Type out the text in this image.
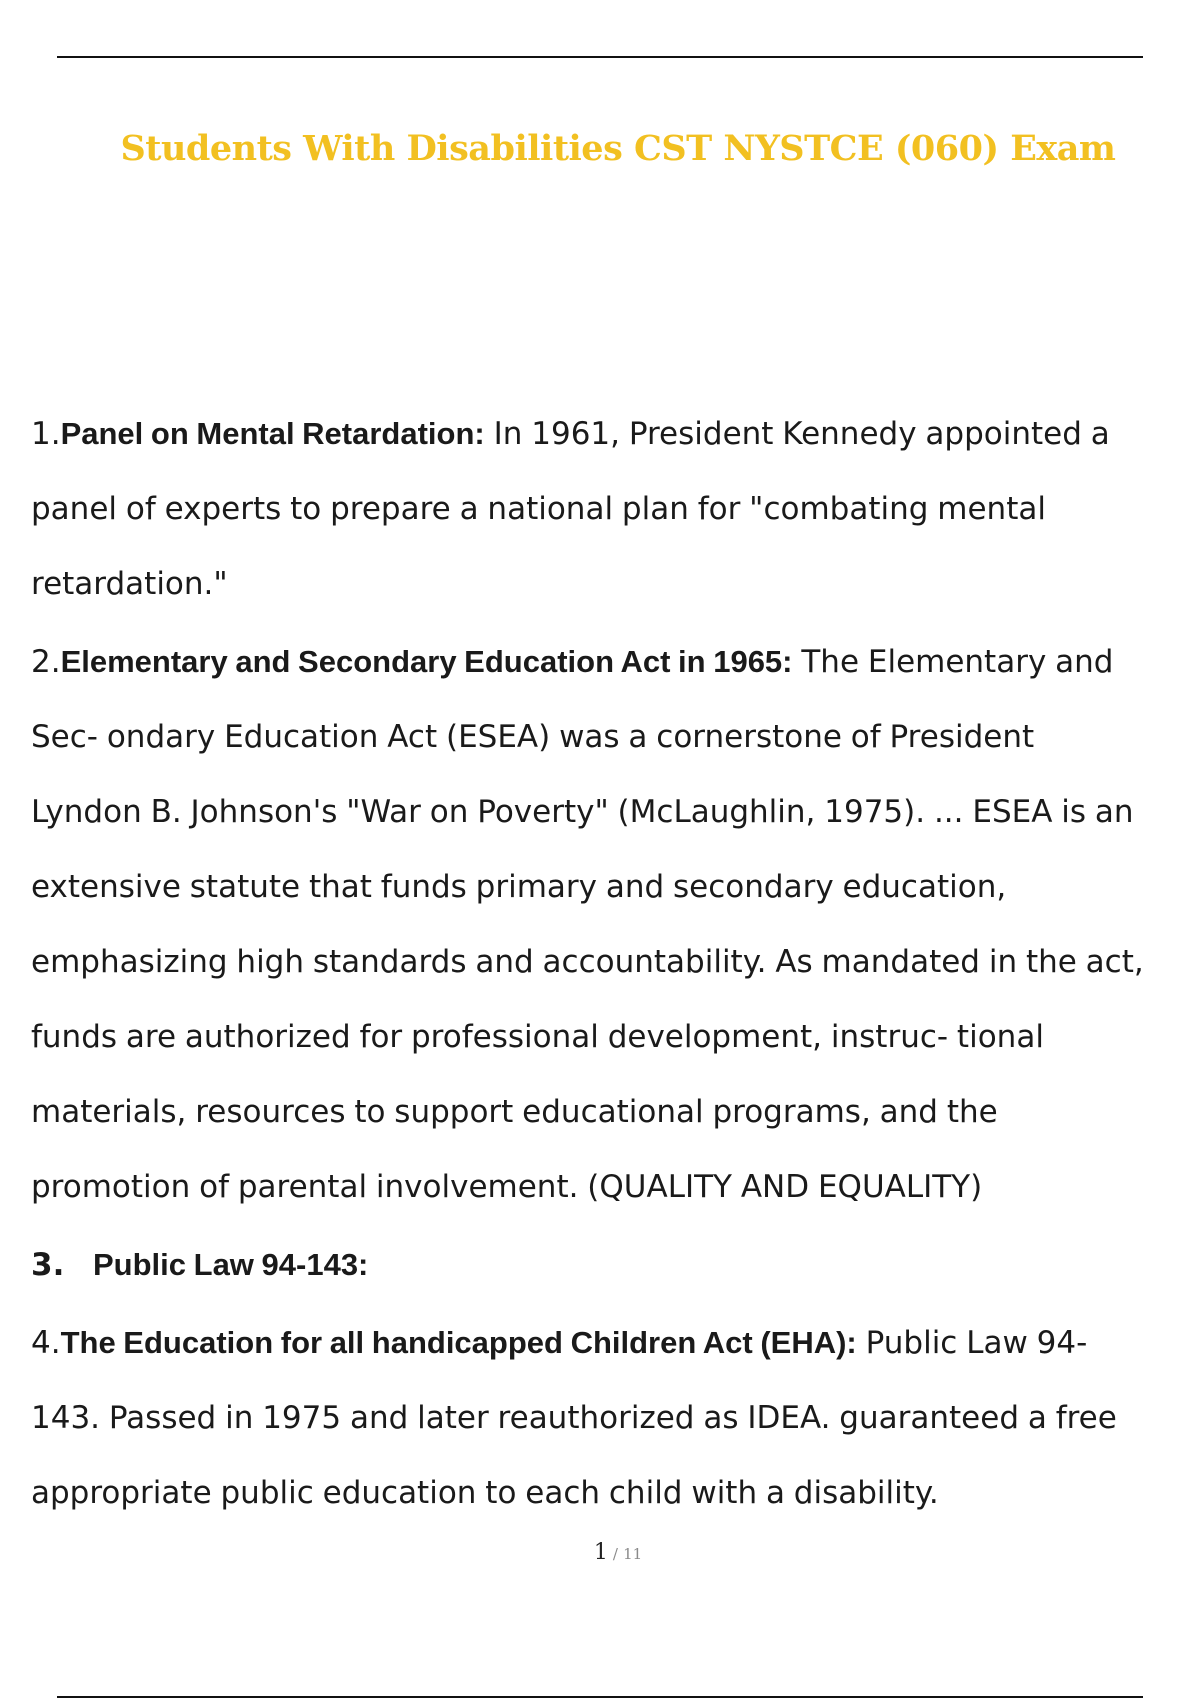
Students With Disabilities CST NYSTCE (060) Exam

1.Panel on Mental Retardation: In 1961, President Kennedy appointed a
panel of experts to prepare a national plan for "combating mental
retardation."

2.Elementary and Secondary Education Act in 1965: The Elementary and
Sec- ondary Education Act (ESEA) was a cornerstone of President
Lyndon B. Johnson's "War on Poverty" (McLaughlin, 1975). ... ESEA is an
extensive statute that funds primary and secondary education,
emphasizing high standards and accountability. As mandated in the act,
funds are authorized for professional development, instruc- tional
materials, resources to support educational programs, and the
promotion of parental involvement. (QUALITY AND EQUALITY)

3. Public Law 94-143:

4.The Education for all handicapped Children Act (EHA): Public Law 94-
143. Passed in 1975 and later reauthorized as IDEA. guaranteed a free
appropriate public education to each child with a disability.

1 / 11
